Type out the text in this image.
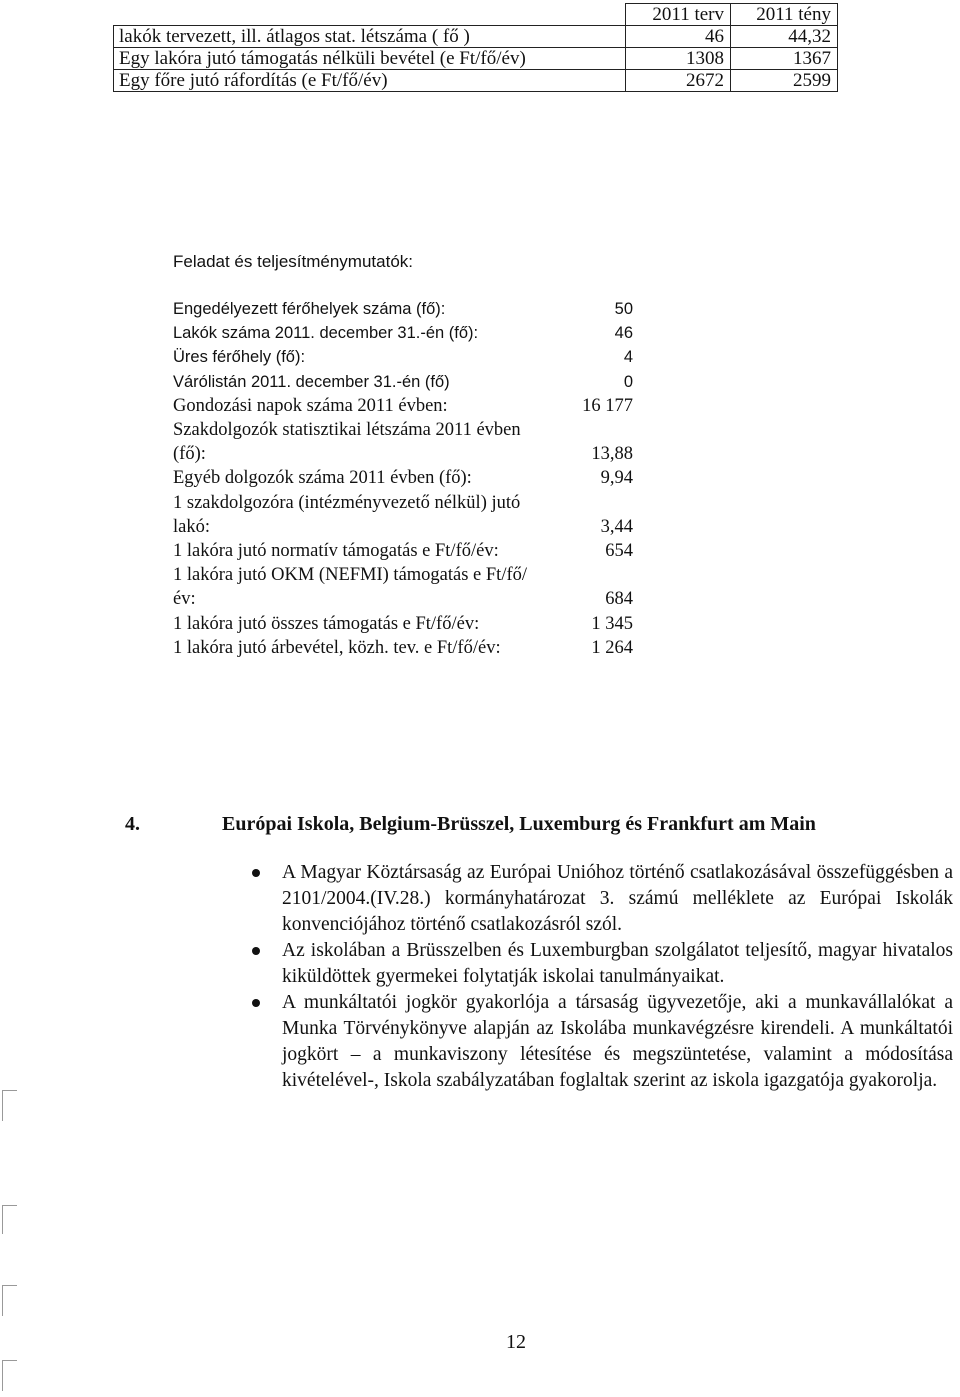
	2011 terv	2011 tény
lakók tervezett, ill. átlagos stat. létszáma ( fő )	46	44,32
Egy lakóra jutó támogatás nélküli bevétel (e Ft/fő/év)	1308	1367
Egy főre jutó ráfordítás (e Ft/fő/év)	2672	2599
Feladat és teljesítménymutatók:
Engedélyezett férőhelyek száma (fő):	50
Lakók száma 2011. december 31.-én (fő):	46
Üres férőhely (fő):	4
Várólistán 2011. december 31.-én (fő)	0
Gondozási napok száma 2011 évben:	16 177
Szakdolgozók statisztikai létszáma 2011 évben (fő):	13,88
Egyéb dolgozók száma 2011 évben (fő):	9,94
1 szakdolgozóra (intézményvezető nélkül) jutó lakó:	3,44
1 lakóra jutó normatív támogatás e Ft/fő/év:	654
1 lakóra jutó OKM (NEFMI) támogatás e Ft/fő/év:	684
1 lakóra jutó összes támogatás e Ft/fő/év:	1 345
1 lakóra jutó árbevétel, közh. tev. e Ft/fő/év:	1 264
4.	Európai Iskola, Belgium-Brüsszel, Luxemburg és Frankfurt am Main
A Magyar Köztársaság az Európai Unióhoz történő csatlakozásával összefüggésben a 2101/2004.(IV.28.) kormányhatározat 3. számú melléklete az Európai Iskolák konvenciójához történő csatlakozásról szól.
Az iskolában a Brüsszelben és Luxemburgban szolgálatot teljesítő, magyar hivatalos kiküldöttek gyermekei folytatják iskolai tanulmányaikat.
A munkáltatói jogkör gyakorlója a társaság ügyvezetője, aki a munkavállalókat a Munka Törvénykönyve alapján az Iskolába munkavégzésre kirendeli. A munkáltatói jogkört – a munkaviszony létesítése és megszüntetése, valamint a módosítása kivételével-, Iskola szabályzatában foglaltak szerint az iskola igazgatója gyakorolja.
12
